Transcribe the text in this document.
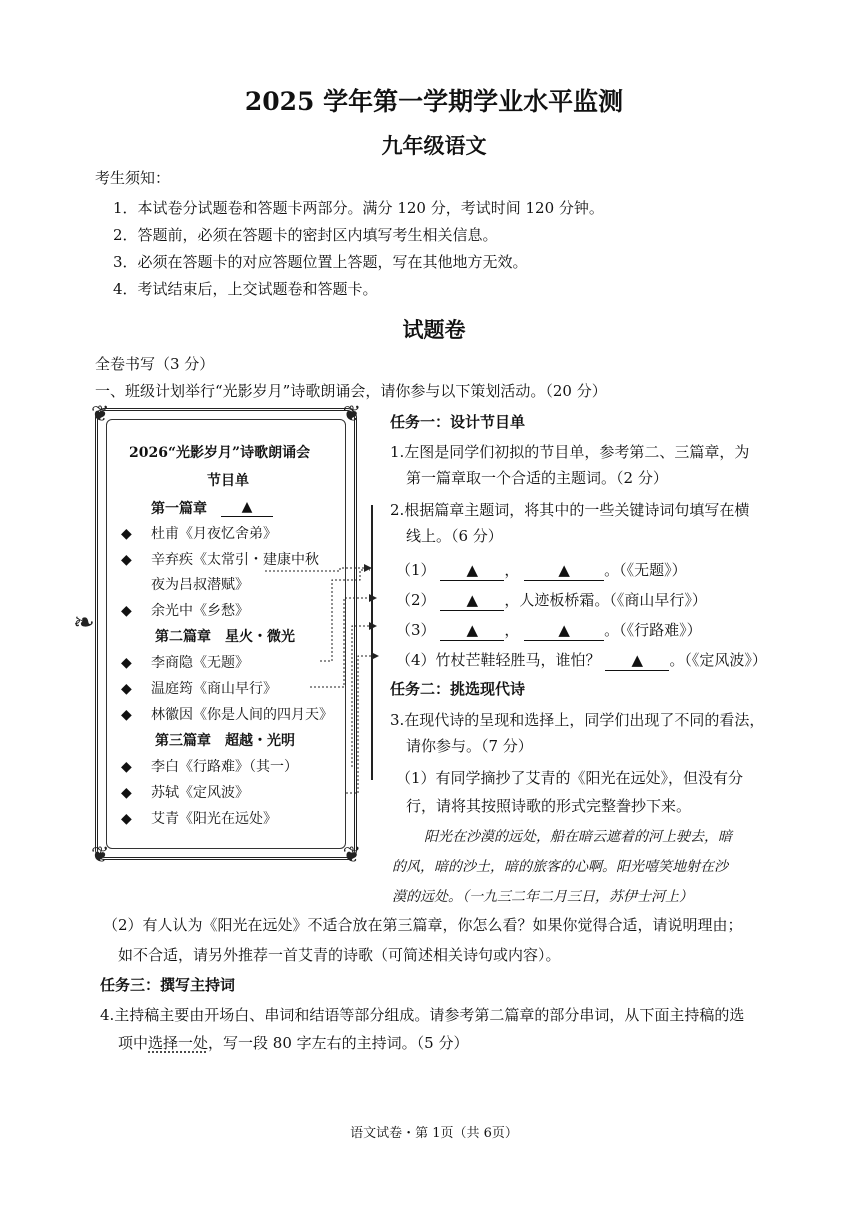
2025 学年第一学期学业水平监测
九年级语文
考生须知：
1．本试卷分试题卷和答题卡两部分。满分 120 分，考试时间 120 分钟。
2．答题前，必须在答题卡的密封区内填写考生相关信息。
3．必须在答题卡的对应答题位置上答题，写在其他地方无效。
4．考试结束后，上交试题卷和答题卡。
试题卷
全卷书写（3 分）
一、班级计划举行“光影岁月”诗歌朗诵会，请你参与以下策划活动。（20 分）
❦	❦
❦	❦
❧
2026“光影岁月”诗歌朗诵会
节目单
第一篇章	▲
◆ 杜甫《月夜忆舍弟》
◆ 辛弃疾《太常引・建康中秋
夜为吕叔潜赋》
◆ 余光中《乡愁》
第二篇章　星火・微光
◆ 李商隐《无题》
◆ 温庭筠《商山早行》
◆ 林徽因《你是人间的四月天》
第三篇章　超越・光明
◆ 李白《行路难》（其一）
◆ 苏轼《定风波》
◆ 艾青《阳光在远处》
任务一：设计节目单
1.左图是同学们初拟的节目单，参考第二、三篇章，为
第一篇章取一个合适的主题词。（2 分）
2.根据篇章主题词，将其中的一些关键诗词句填写在横
线上。（6 分）
（1） ▲ ， ▲ 。（《无题》）
（2） ▲ ，人迹板桥霜。（《商山早行》）
（3） ▲ ， ▲ 。（《行路难》）
（4）竹杖芒鞋轻胜马，谁怕？ ▲ 。（《定风波》）
任务二：挑选现代诗
3.在现代诗的呈现和选择上，同学们出现了不同的看法，
请你参与。（7 分）
（1）有同学摘抄了艾青的《阳光在远处》，但没有分
行，请将其按照诗歌的形式完整誊抄下来。
阳光在沙漠的远处，船在暗云遮着的河上驶去，暗
的风，暗的沙土，暗的旅客的心啊。阳光嘻笑地射在沙
漠的远处。（一九三二年二月三日，苏伊士河上）
（2）有人认为《阳光在远处》不适合放在第三篇章，你怎么看？如果你觉得合适，请说明理由；
如不合适，请另外推荐一首艾青的诗歌（可简述相关诗句或内容）。
任务三：撰写主持词
4.主持稿主要由开场白、串词和结语等部分组成。请参考第二篇章的部分串词，从下面主持稿的选
项中选择一处，写一段 80 字左右的主持词。（5 分）
语文试卷・第 1页（共 6页）
